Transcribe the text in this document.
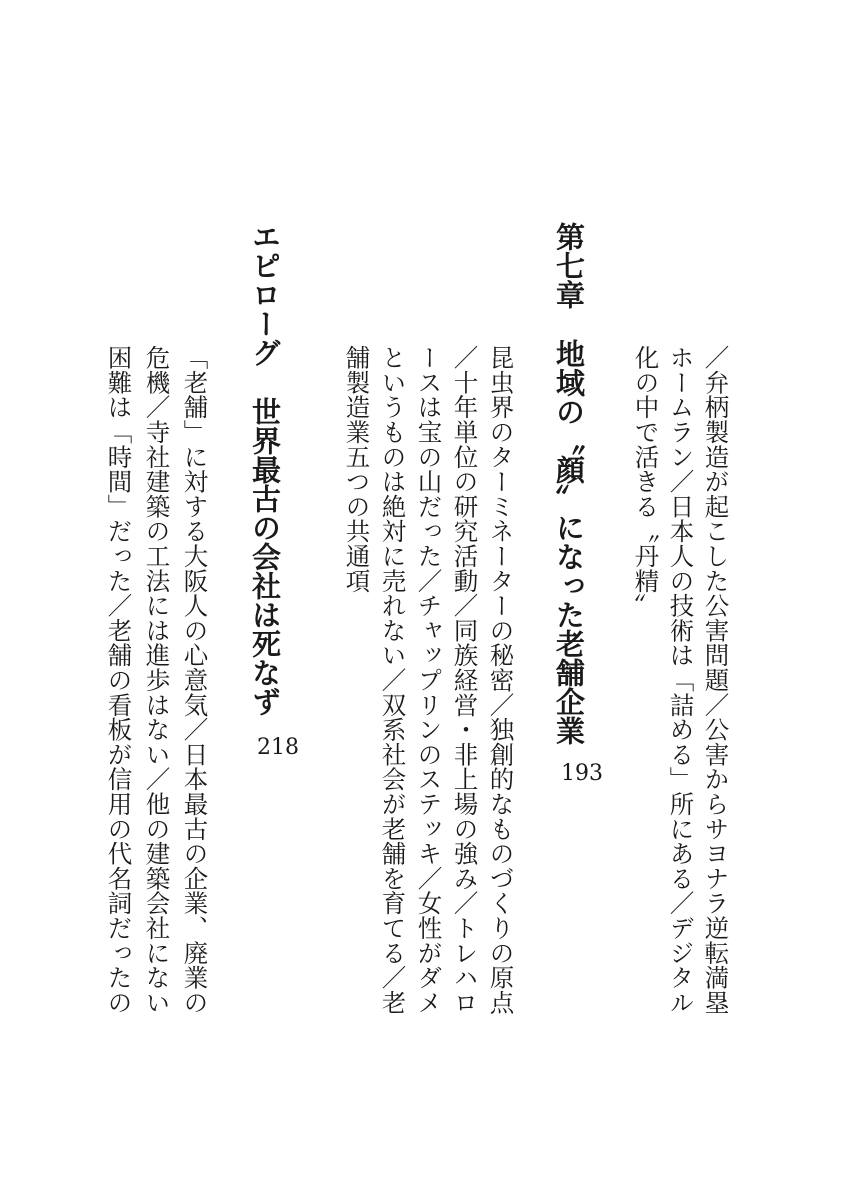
／弁柄製造が起こした公害問題／公害からサヨナラ逆転満塁
ホームラン／日本人の技術は「詰める」所にある／デジタル
化の中で活きる〝丹精〟
第七章地域の〝顔〟になった老舗企業
193
昆虫界のターミネーターの秘密／独創的なものづくりの原点
／十年単位の研究活動／同族経営・非上場の強み／トレハロ
ースは宝の山だった／チャップリンのステッキ／女性がダメ
というものは絶対に売れない／双系社会が老舗を育てる／老
舗製造業五つの共通項
エピローグ世界最古の会社は死なず
218
「老舗」に対する大阪人の心意気／日本最古の企業、廃業の
危機／寺社建築の工法には進歩はない／他の建築会社にない
困難は「時間」だった／老舗の看板が信用の代名詞だったの
